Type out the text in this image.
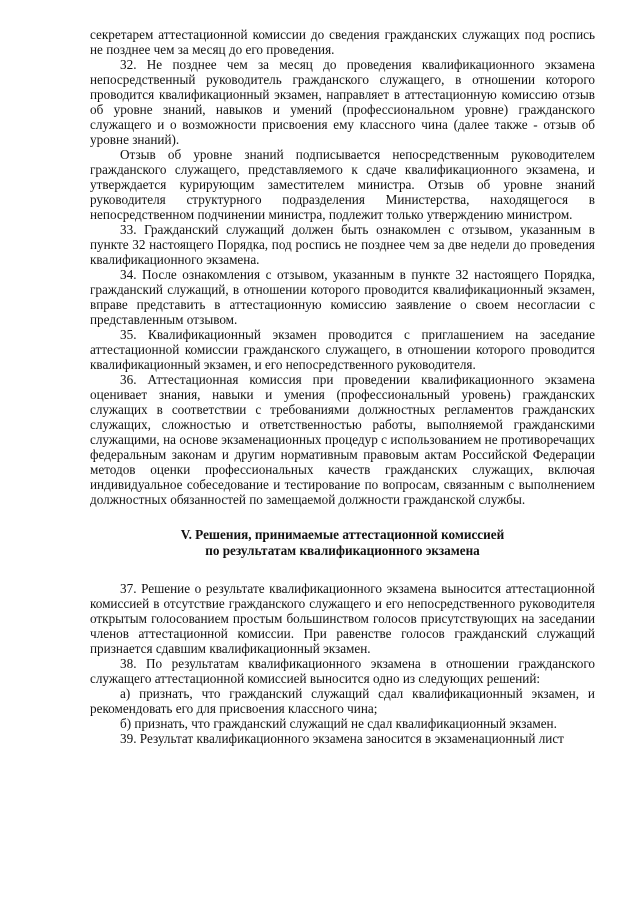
секретарем аттестационной комиссии до сведения гражданских служащих под роспись не позднее чем за месяц до его проведения.

32. Не позднее чем за месяц до проведения квалификационного экзамена непосредственный руководитель гражданского служащего, в отношении которого проводится квалификационный экзамен, направляет в аттестационную комиссию отзыв об уровне знаний, навыков и умений (профессиональном уровне) гражданского служащего и о возможности присвоения ему классного чина (далее также - отзыв об уровне знаний).

Отзыв об уровне знаний подписывается непосредственным руководителем гражданского служащего, представляемого к сдаче квалификационного экзамена, и утверждается курирующим заместителем министра. Отзыв об уровне знаний руководителя структурного подразделения Министерства, находящегося в непосредственном подчинении министра, подлежит только утверждению министром.

33. Гражданский служащий должен быть ознакомлен с отзывом, указанным в пункте 32 настоящего Порядка, под роспись не позднее чем за две недели до проведения квалификационного экзамена.

34. После ознакомления с отзывом, указанным в пункте 32 настоящего Порядка, гражданский служащий, в отношении которого проводится квалификационный экзамен, вправе представить в аттестационную комиссию заявление о своем несогласии с представленным отзывом.

35. Квалификационный экзамен проводится с приглашением на заседание аттестационной комиссии гражданского служащего, в отношении которого проводится квалификационный экзамен, и его непосредственного руководителя.

36. Аттестационная комиссия при проведении квалификационного экзамена оценивает знания, навыки и умения (профессиональный уровень) гражданских служащих в соответствии с требованиями должностных регламентов гражданских служащих, сложностью и ответственностью работы, выполняемой гражданскими служащими, на основе экзаменационных процедур с использованием не противоречащих федеральным законам и другим нормативным правовым актам Российской Федерации методов оценки профессиональных качеств гражданских служащих, включая индивидуальное собеседование и тестирование по вопросам, связанным с выполнением должностных обязанностей по замещаемой должности гражданской службы.

V. Решения, принимаемые аттестационной комиссией
по результатам квалификационного экзамена

37. Решение о результате квалификационного экзамена выносится аттестационной комиссией в отсутствие гражданского служащего и его непосредственного руководителя открытым голосованием простым большинством голосов присутствующих на заседании членов аттестационной комиссии. При равенстве голосов гражданский служащий признается сдавшим квалификационный экзамен.

38. По результатам квалификационного экзамена в отношении гражданского служащего аттестационной комиссией выносится одно из следующих решений:

а) признать, что гражданский служащий сдал квалификационный экзамен, и рекомендовать его для присвоения классного чина;

б) признать, что гражданский служащий не сдал квалификационный экзамен.

39. Результат квалификационного экзамена заносится в экзаменационный лист
